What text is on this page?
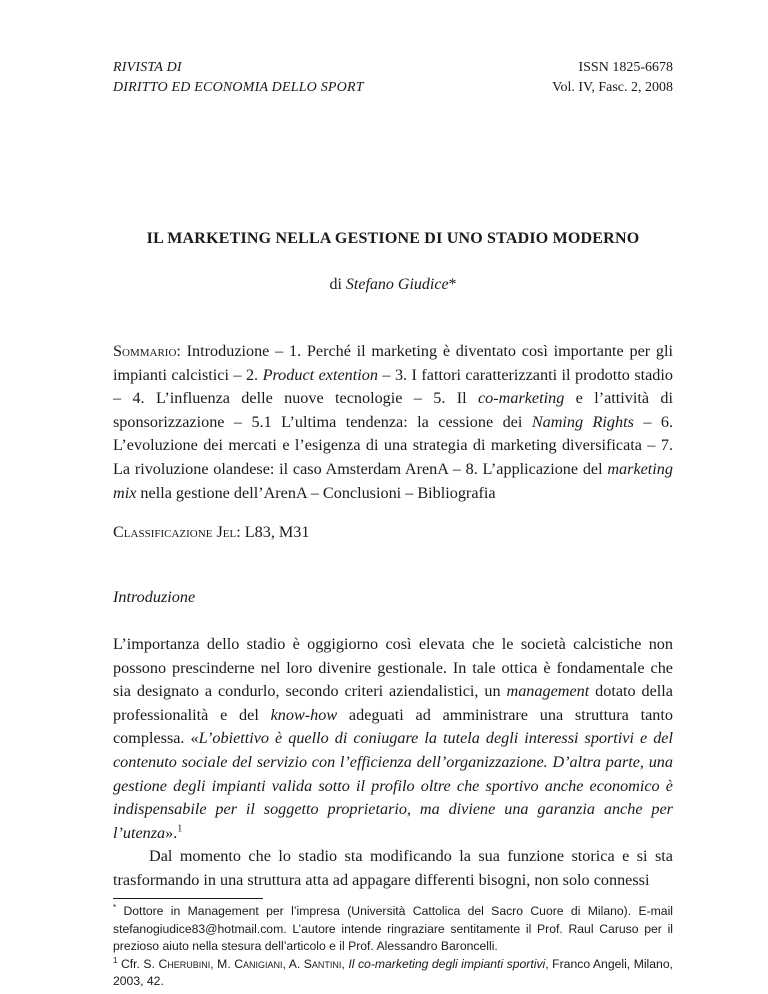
RIVISTA DI
DIRITTO ED ECONOMIA DELLO SPORT
ISSN 1825-6678
Vol. IV, Fasc. 2, 2008
IL MARKETING NELLA GESTIONE DI UNO STADIO MODERNO
di Stefano Giudice*
Sommario: Introduzione – 1. Perché il marketing è diventato così importante per gli impianti calcistici – 2. Product extention – 3. I fattori caratterizzanti il prodotto stadio – 4. L’influenza delle nuove tecnologie – 5. Il co-marketing e l’attività di sponsorizzazione – 5.1 L’ultima tendenza: la cessione dei Naming Rights – 6. L’evoluzione dei mercati e l’esigenza di una strategia di marketing diversificata – 7. La rivoluzione olandese: il caso Amsterdam ArenA – 8. L’applicazione del marketing mix nella gestione dell’ArenA – Conclusioni – Bibliografia
Classificazione Jel: L83, M31
Introduzione

L’importanza dello stadio è oggigiorno così elevata che le società calcistiche non possono prescinderne nel loro divenire gestionale. In tale ottica è fondamentale che sia designato a condurlo, secondo criteri aziendalistici, un management dotato della professionalità e del know-how adeguati ad amministrare una struttura tanto complessa. «L’obiettivo è quello di coniugare la tutela degli interessi sportivi e del contenuto sociale del servizio con l’efficienza dell’organizzazione. D’altra parte, una gestione degli impianti valida sotto il profilo oltre che sportivo anche economico è indispensabile per il soggetto proprietario, ma diviene una garanzia anche per l’utenza».$^1$

Dal momento che lo stadio sta modificando la sua funzione storica e si sta trasformando in una struttura atta ad appagare differenti bisogni, non solo connessi

* Dottore in Management per l’impresa (Università Cattolica del Sacro Cuore di Milano). E-mail stefanogiudice83@hotmail.com. L’autore intende ringraziare sentitamente il Prof. Raul Caruso per il prezioso aiuto nella stesura dell’articolo e il Prof. Alessandro Baroncelli.

$^1$ Cfr. S. Cherubini, M. Canigiani, A. Santini, Il co-marketing degli impianti sportivi, Franco Angeli, Milano, 2003, 42.
